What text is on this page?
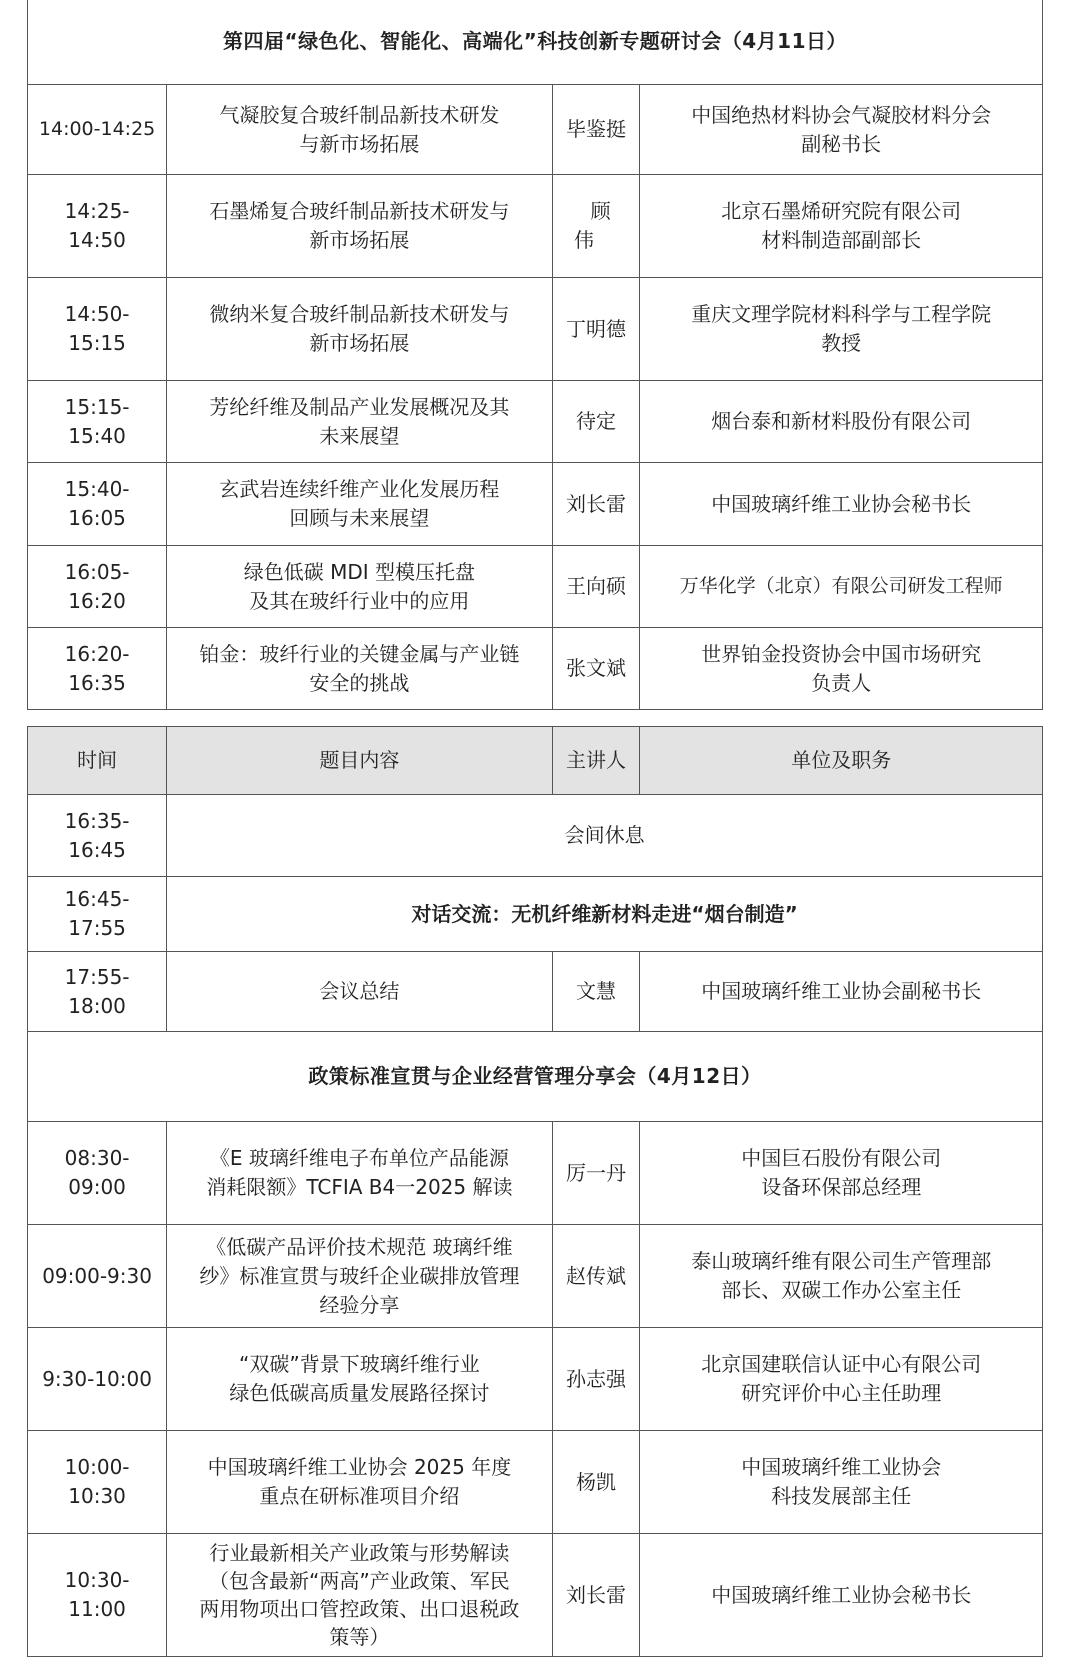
第四届“绿色化、智能化、高端化”科技创新专题研讨会（4月11日）			
14:00-14:25	气凝胶复合玻纤制品新技术研发
与新市场拓展	毕鉴挺	中国绝热材料协会气凝胶材料分会
副秘书长
14:25-14:50	石墨烯复合玻纤制品新技术研发与
新市场拓展	顾 伟	北京石墨烯研究院有限公司
材料制造部副部长
14:50-15:15	微纳米复合玻纤制品新技术研发与
新市场拓展	丁明德	重庆文理学院材料科学与工程学院
教授
15:15-15:40	芳纶纤维及制品产业发展概况及其
未来展望	待定	烟台泰和新材料股份有限公司
15:40-16:05	玄武岩连续纤维产业化发展历程
回顾与未来展望	刘长雷	中国玻璃纤维工业协会秘书长
16:05-16:20	绿色低碳 MDI 型模压托盘
及其在玻纤行业中的应用	王向硕	万华化学（北京）有限公司研发工程师
16:20-16:35	铂金：玻纤行业的关键金属与产业链
安全的挑战	张文斌	世界铂金投资协会中国市场研究
负责人
时间	题目内容	主讲人	单位及职务
16:35-16:45	会间休息		
16:45-17:55	对话交流：无机纤维新材料走进“烟台制造”		
17:55-18:00	会议总结	文慧	中国玻璃纤维工业协会副秘书长
政策标准宣贯与企业经营管理分享会（4月12日）			
08:30-09:00	《E 玻璃纤维电子布单位产品能源
消耗限额》TCFIA B4一2025 解读	厉一丹	中国巨石股份有限公司
设备环保部总经理
09:00-9:30	《低碳产品评价技术规范 玻璃纤维
纱》标准宣贯与玻纤企业碳排放管理
经验分享	赵传斌	泰山玻璃纤维有限公司生产管理部
部长、双碳工作办公室主任
9:30-10:00	“双碳”背景下玻璃纤维行业
绿色低碳高质量发展路径探讨	孙志强	北京国建联信认证中心有限公司
研究评价中心主任助理
10:00-10:30	中国玻璃纤维工业协会 2025 年度
重点在研标准项目介绍	杨凯	中国玻璃纤维工业协会
科技发展部主任
10:30-11:00	行业最新相关产业政策与形势解读
（包含最新“两高”产业政策、军民
两用物项出口管控政策、出口退税政
策等）	刘长雷	中国玻璃纤维工业协会秘书长
